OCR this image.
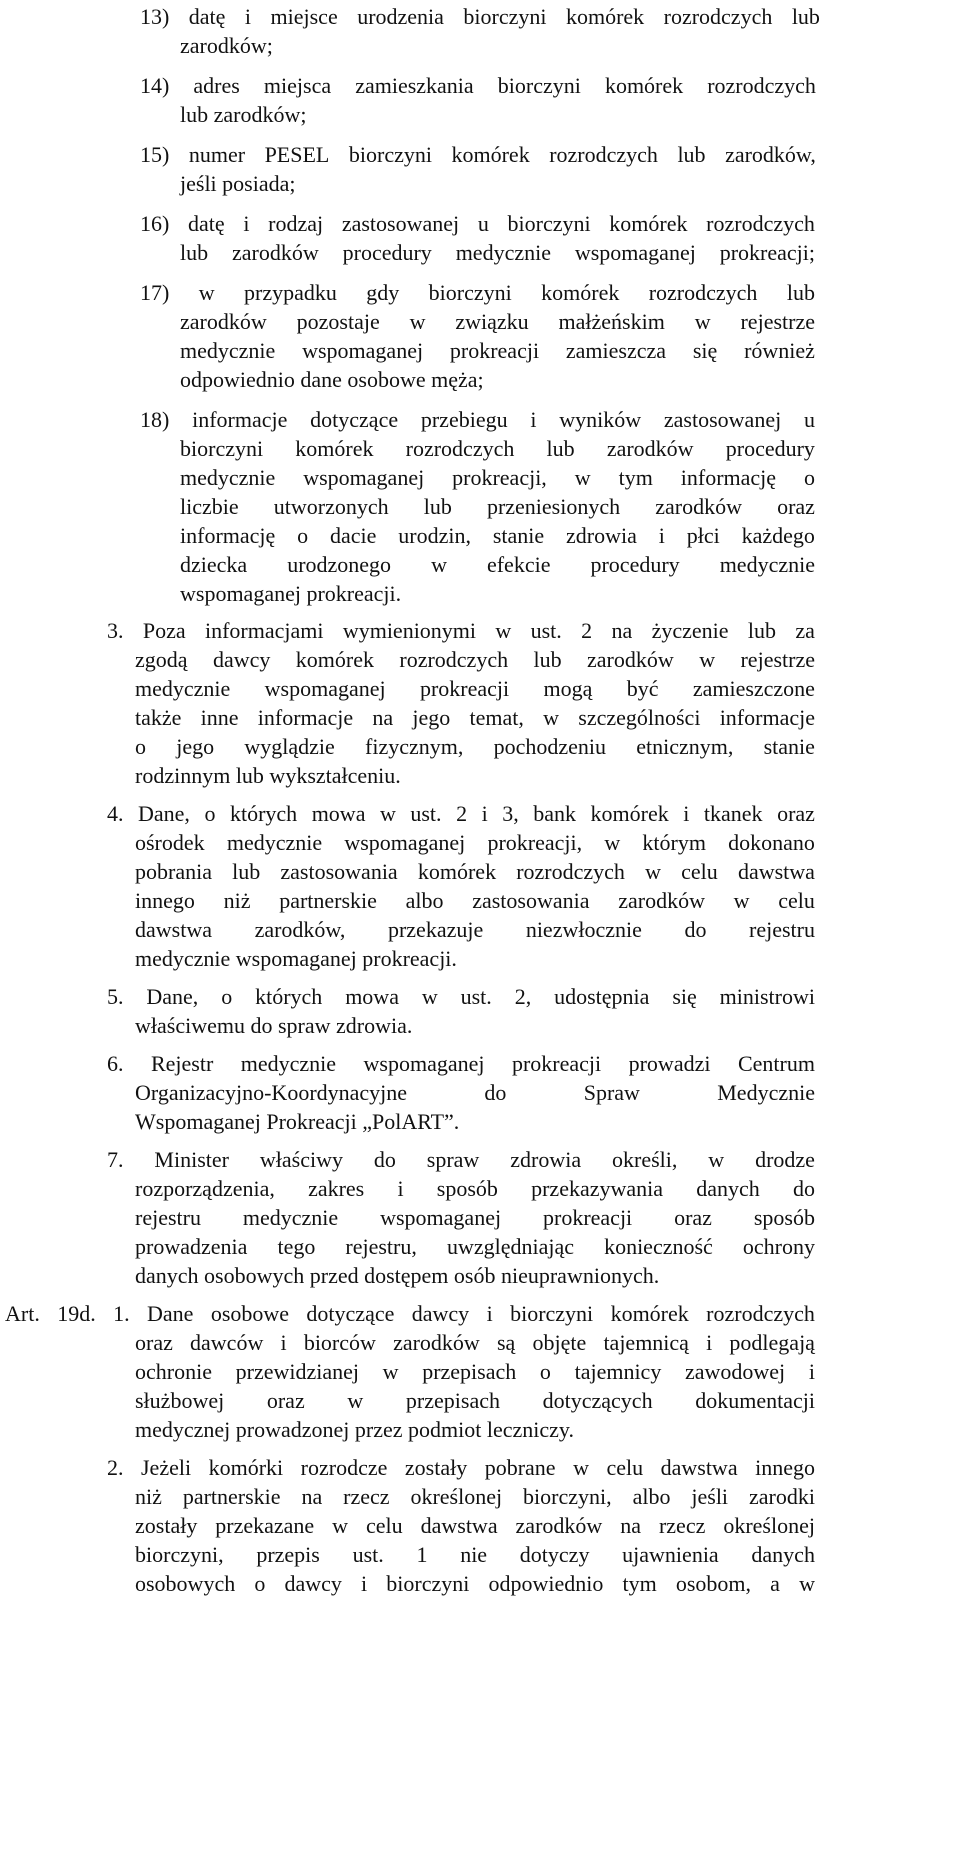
13) datę i miejsce urodzenia biorczyni komórek rozrodczych lub
zarodków;
14) adres miejsca zamieszkania biorczyni komórek rozrodczych
lub zarodków;
15) numer PESEL biorczyni komórek rozrodczych lub zarodków,
jeśli posiada;
16) datę i rodzaj zastosowanej u biorczyni komórek rozrodczych
lub zarodków procedury medycznie wspomaganej prokreacji;
17) w przypadku gdy biorczyni komórek rozrodczych lub
zarodków pozostaje w związku małżeńskim w rejestrze
medycznie wspomaganej prokreacji zamieszcza się również
odpowiednio dane osobowe męża;
18) informacje dotyczące przebiegu i wyników zastosowanej u
biorczyni komórek rozrodczych lub zarodków procedury
medycznie wspomaganej prokreacji, w tym informację o
liczbie utworzonych lub przeniesionych zarodków oraz
informację o dacie urodzin, stanie zdrowia i płci każdego
dziecka urodzonego w efekcie procedury medycznie
wspomaganej prokreacji.
3. Poza informacjami wymienionymi w ust. 2 na życzenie lub za
zgodą dawcy komórek rozrodczych lub zarodków w rejestrze
medycznie wspomaganej prokreacji mogą być zamieszczone
także inne informacje na jego temat, w szczególności informacje
o jego wyglądzie fizycznym, pochodzeniu etnicznym, stanie
rodzinnym lub wykształceniu.
4. Dane, o których mowa w ust. 2 i 3, bank komórek i tkanek oraz
ośrodek medycznie wspomaganej prokreacji, w którym dokonano
pobrania lub zastosowania komórek rozrodczych w celu dawstwa
innego niż partnerskie albo zastosowania zarodków w celu
dawstwa zarodków, przekazuje niezwłocznie do rejestru
medycznie wspomaganej prokreacji.
5. Dane, o których mowa w ust. 2, udostępnia się ministrowi
właściwemu do spraw zdrowia.
6. Rejestr medycznie wspomaganej prokreacji prowadzi Centrum
Organizacyjno-Koordynacyjne	do	Spraw	Medycznie
Wspomaganej Prokreacji „PolART”.
7. Minister właściwy do spraw zdrowia określi, w drodze
rozporządzenia, zakres i sposób przekazywania danych do
rejestru medycznie wspomaganej prokreacji oraz sposób
prowadzenia tego rejestru, uwzględniając konieczność ochrony
danych osobowych przed dostępem osób nieuprawnionych.
Art. 19d. 1. Dane osobowe dotyczące dawcy i biorczyni komórek rozrodczych
oraz dawców i biorców zarodków są objęte tajemnicą i podlegają
ochronie przewidzianej w przepisach o tajemnicy zawodowej i
służbowej oraz w przepisach dotyczących dokumentacji
medycznej prowadzonej przez podmiot leczniczy.
2. Jeżeli komórki rozrodcze zostały pobrane w celu dawstwa innego
niż partnerskie na rzecz określonej biorczyni, albo jeśli zarodki
zostały przekazane w celu dawstwa zarodków na rzecz określonej
biorczyni, przepis ust. 1 nie dotyczy ujawnienia danych
osobowych o dawcy i biorczyni odpowiednio tym osobom, a w
